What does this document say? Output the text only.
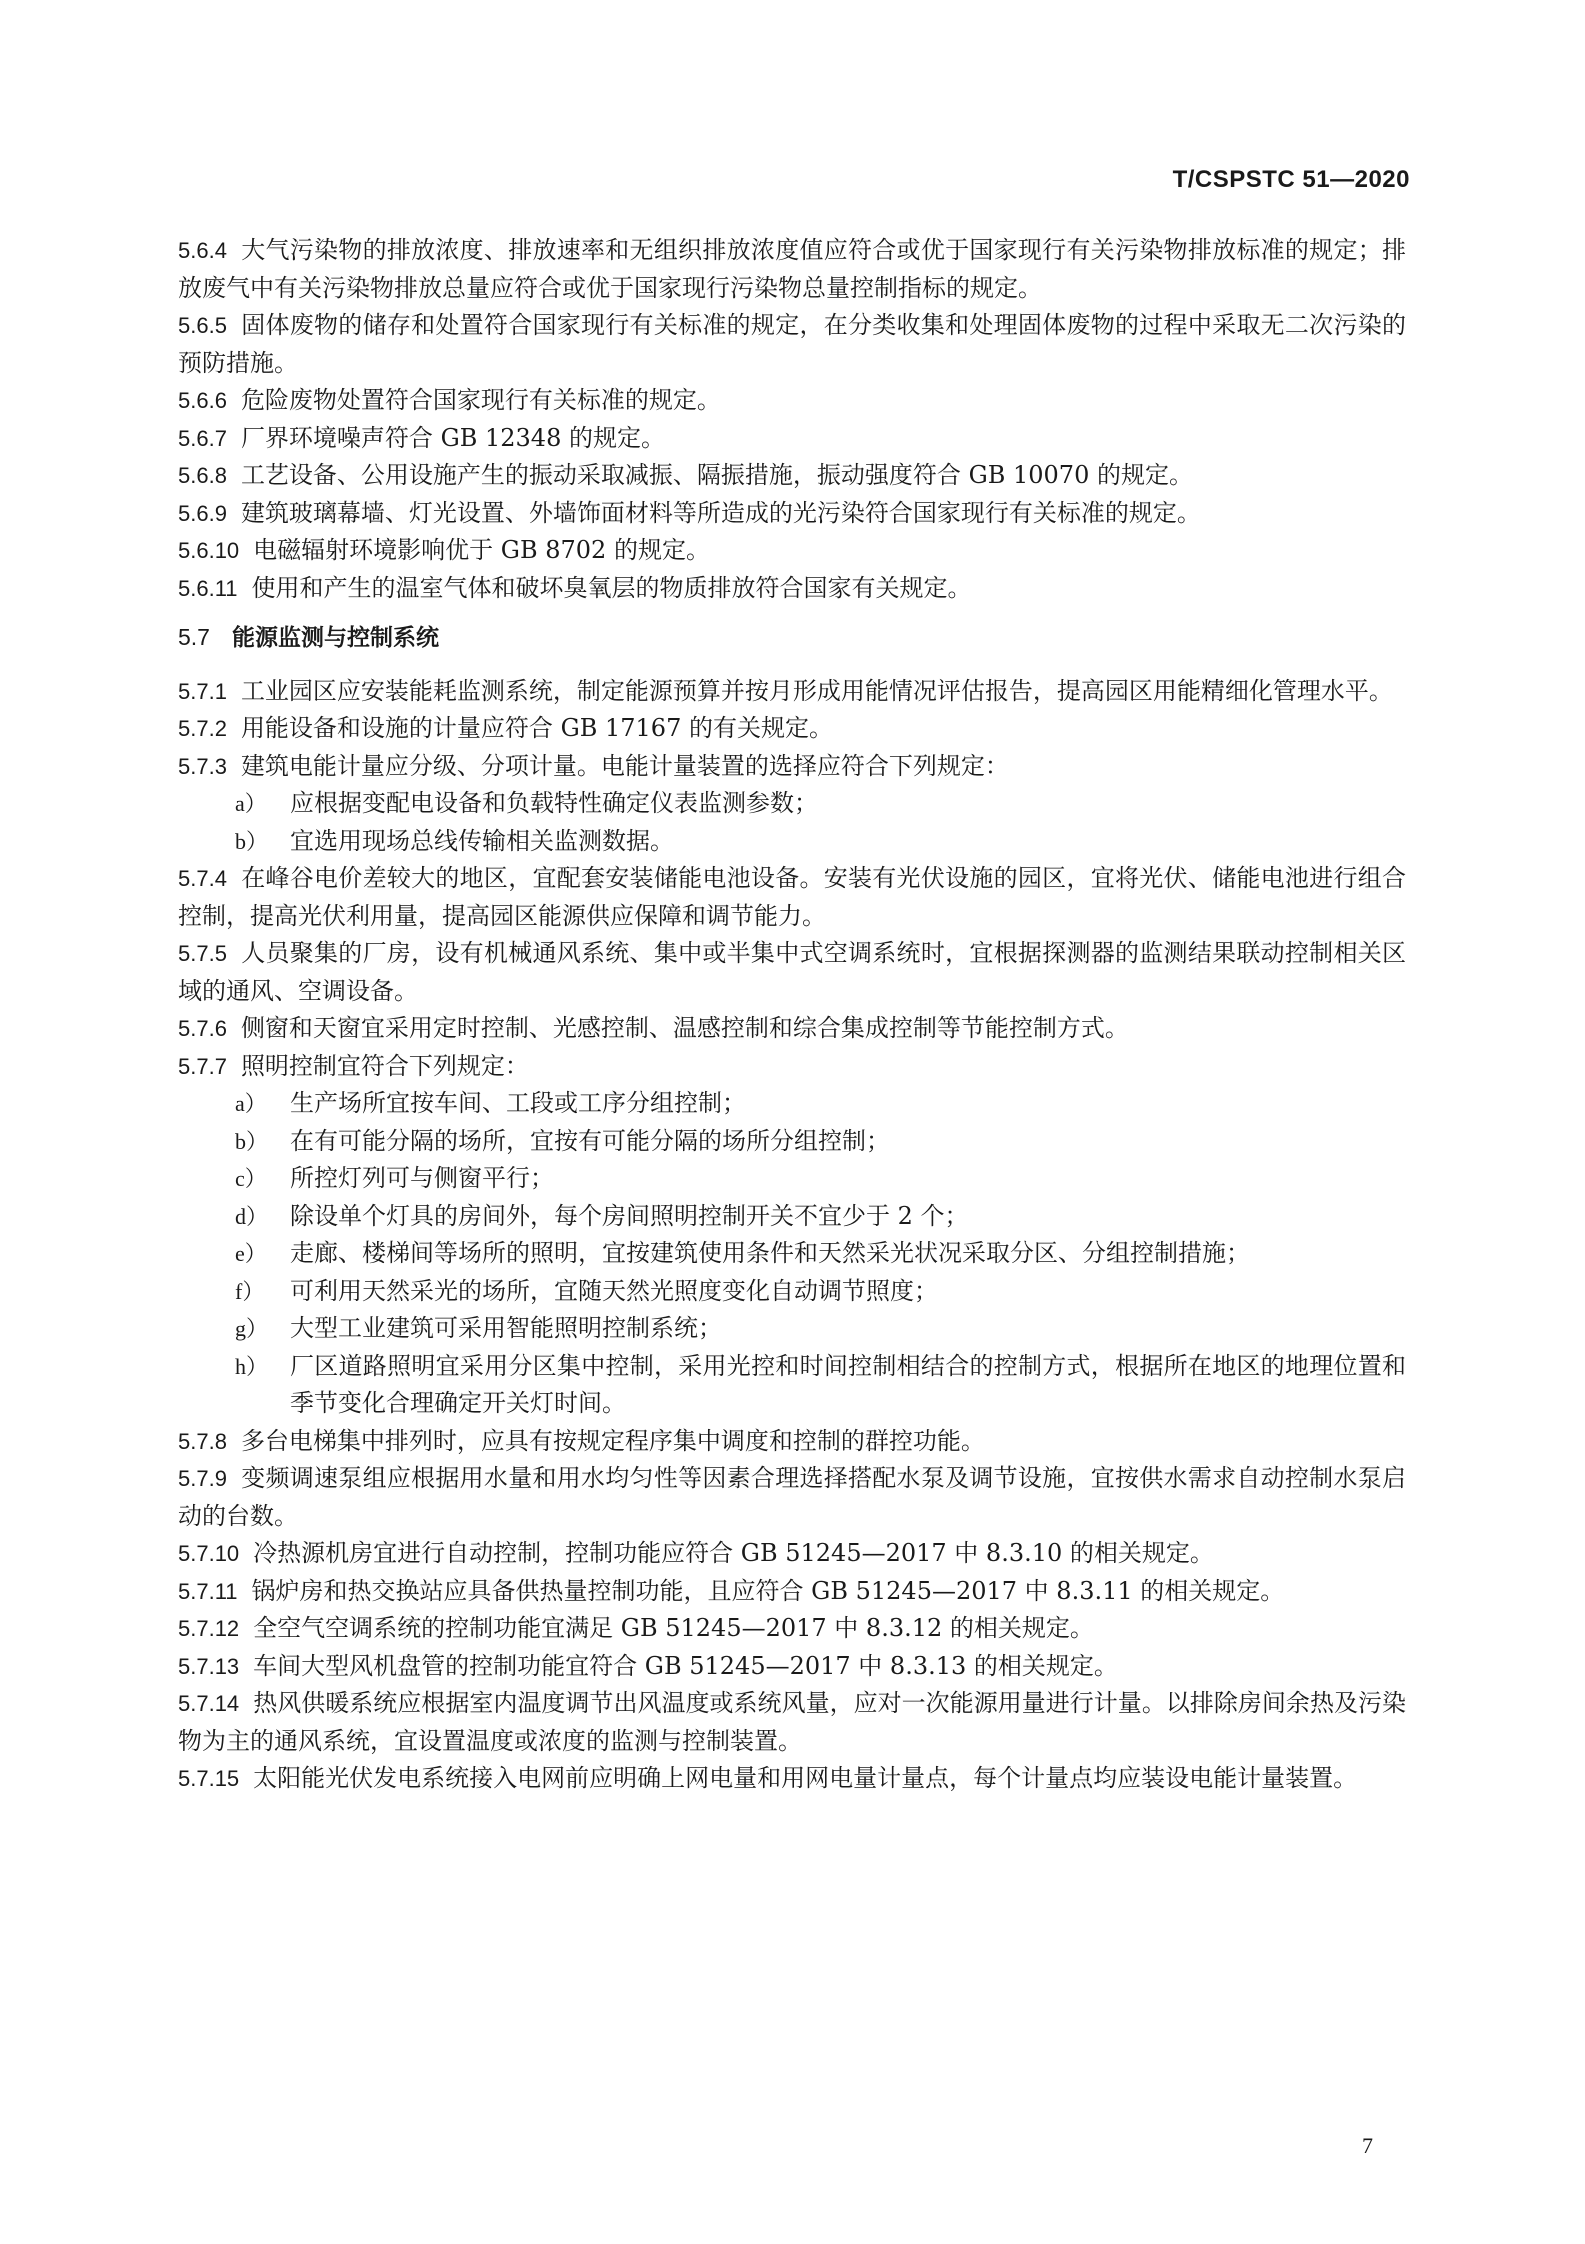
T/CSPSTC 51—2020

5.6.4 大气污染物的排放浓度、排放速率和无组织排放浓度值应符合或优于国家现行有关污染物排放标准的规定；排放废气中有关污染物排放总量应符合或优于国家现行污染物总量控制指标的规定。

5.6.5 固体废物的储存和处置符合国家现行有关标准的规定，在分类收集和处理固体废物的过程中采取无二次污染的预防措施。

5.6.6 危险废物处置符合国家现行有关标准的规定。

5.6.7 厂界环境噪声符合 GB 12348 的规定。

5.6.8 工艺设备、公用设施产生的振动采取减振、隔振措施，振动强度符合 GB 10070 的规定。

5.6.9 建筑玻璃幕墙、灯光设置、外墙饰面材料等所造成的光污染符合国家现行有关标准的规定。

5.6.10 电磁辐射环境影响优于 GB 8702 的规定。

5.6.11 使用和产生的温室气体和破坏臭氧层的物质排放符合国家有关规定。

5.7 能源监测与控制系统

5.7.1 工业园区应安装能耗监测系统，制定能源预算并按月形成用能情况评估报告，提高园区用能精细化管理水平。

5.7.2 用能设备和设施的计量应符合 GB 17167 的有关规定。

5.7.3 建筑电能计量应分级、分项计量。电能计量装置的选择应符合下列规定：

a） 应根据变配电设备和负载特性确定仪表监测参数；

b） 宜选用现场总线传输相关监测数据。

5.7.4 在峰谷电价差较大的地区，宜配套安装储能电池设备。安装有光伏设施的园区，宜将光伏、储能电池进行组合控制，提高光伏利用量，提高园区能源供应保障和调节能力。

5.7.5 人员聚集的厂房，设有机械通风系统、集中或半集中式空调系统时，宜根据探测器的监测结果联动控制相关区域的通风、空调设备。

5.7.6 侧窗和天窗宜采用定时控制、光感控制、温感控制和综合集成控制等节能控制方式。

5.7.7 照明控制宜符合下列规定：

a） 生产场所宜按车间、工段或工序分组控制；

b） 在有可能分隔的场所，宜按有可能分隔的场所分组控制；

c） 所控灯列可与侧窗平行；

d） 除设单个灯具的房间外，每个房间照明控制开关不宜少于 2 个；

e） 走廊、楼梯间等场所的照明，宜按建筑使用条件和天然采光状况采取分区、分组控制措施；

f） 可利用天然采光的场所，宜随天然光照度变化自动调节照度；

g） 大型工业建筑可采用智能照明控制系统；

h） 厂区道路照明宜采用分区集中控制，采用光控和时间控制相结合的控制方式，根据所在地区的地理位置和季节变化合理确定开关灯时间。

5.7.8 多台电梯集中排列时，应具有按规定程序集中调度和控制的群控功能。

5.7.9 变频调速泵组应根据用水量和用水均匀性等因素合理选择搭配水泵及调节设施，宜按供水需求自动控制水泵启动的台数。

5.7.10 冷热源机房宜进行自动控制，控制功能应符合 GB 51245—2017 中 8.3.10 的相关规定。

5.7.11 锅炉房和热交换站应具备供热量控制功能，且应符合 GB 51245—2017 中 8.3.11 的相关规定。

5.7.12 全空气空调系统的控制功能宜满足 GB 51245—2017 中 8.3.12 的相关规定。

5.7.13 车间大型风机盘管的控制功能宜符合 GB 51245—2017 中 8.3.13 的相关规定。

5.7.14 热风供暖系统应根据室内温度调节出风温度或系统风量，应对一次能源用量进行计量。以排除房间余热及污染物为主的通风系统，宜设置温度或浓度的监测与控制装置。

5.7.15 太阳能光伏发电系统接入电网前应明确上网电量和用网电量计量点，每个计量点均应装设电能计量装置。

7
